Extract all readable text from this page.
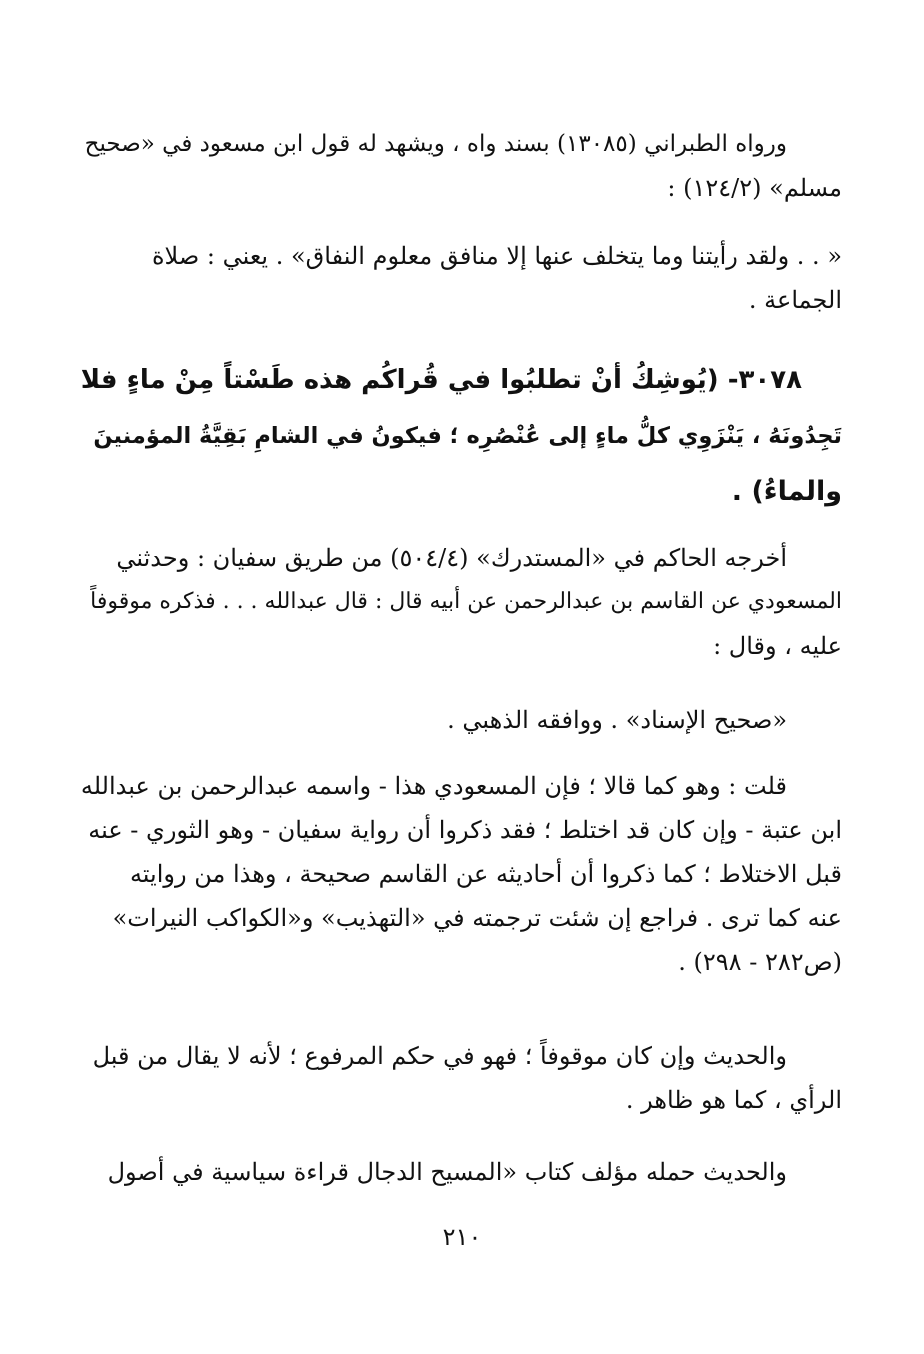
ورواه الطبراني (١٣٠٨٥) بسند واه ، ويشهد له قول ابن مسعود في «صحيح
مسلم» (١٢٤/٢) :

« . . ولقد رأيتنا وما يتخلف عنها إلا منافق معلوم النفاق» . يعني : صلاة
الجماعة .

٣٠٧٨- (يُوشِكُ أنْ تطلبُوا في قُراكُم هذه طَسْتاً مِنْ ماءٍ فلا
تَجِدُونَهُ ، يَنْزَوِي كلُّ ماءٍ إلى عُنْصُرِه ؛ فيكونُ في الشامِ بَقِيَّةُ المؤمنينَ
والماءُ) .

أخرجه الحاكم في «المستدرك» (٥٠٤/٤) من طريق سفيان : وحدثني
المسعودي عن القاسم بن عبدالرحمن عن أبيه قال : قال عبدالله . . . فذكره موقوفاً
عليه ، وقال :

«صحيح الإسناد» . ووافقه الذهبي .

قلت : وهو كما قالا ؛ فإن المسعودي هذا - واسمه عبدالرحمن بن عبدالله
ابن عتبة - وإن كان قد اختلط ؛ فقد ذكروا أن رواية سفيان - وهو الثوري - عنه
قبل الاختلاط ؛ كما ذكروا أن أحاديثه عن القاسم صحيحة ، وهذا من روايته
عنه كما ترى . فراجع إن شئت ترجمته في «التهذيب» و«الكواكب النيرات»
(ص٢٨٢ - ٢٩٨) .

والحديث وإن كان موقوفاً ؛ فهو في حكم المرفوع ؛ لأنه لا يقال من قبل
الرأي ، كما هو ظاهر .

والحديث حمله مؤلف كتاب «المسيح الدجال قراءة سياسية في أصول

٢١٠
